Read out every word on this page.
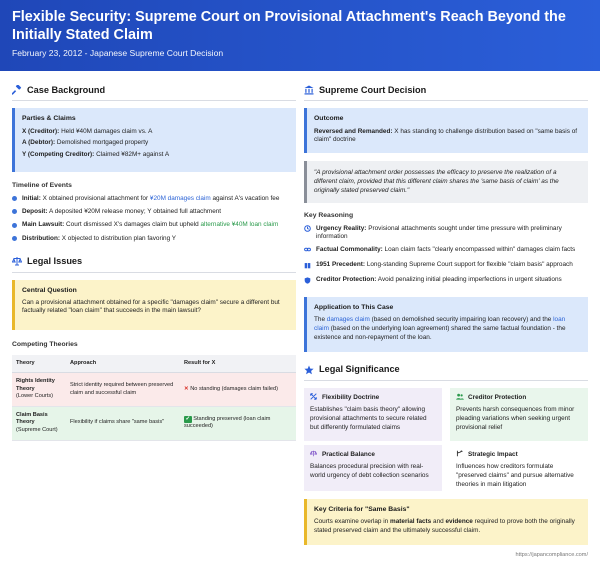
Flexible Security: Supreme Court on Provisional Attachment's Reach Beyond the Initially Stated Claim
February 23, 2012 - Japanese Supreme Court Decision
Case Background
Parties & Claims
X (Creditor): Held ¥40M damages claim vs. A
A (Debtor): Demolished mortgaged property
Y (Competing Creditor): Claimed ¥82M+ against A
Timeline of Events
Initial: X obtained provisional attachment for ¥20M damages claim against A's vacation fee
Deposit: A deposited ¥20M release money; Y obtained full attachment
Main Lawsuit: Court dismissed X's damages claim but upheld alternative ¥40M loan claim
Distribution: X objected to distribution plan favoring Y
Legal Issues
Central Question
Can a provisional attachment obtained for a specific "damages claim" secure a different but factually related "loan claim" that succeeds in the main lawsuit?
Competing Theories
Theory	Approach	Result for X
Rights Identity Theory
(Lower Courts)	Strict identity required between preserved claim and successful claim	✕ No standing (damages claim failed)
Claim Basis Theory
(Supreme Court)	Flexibility if claims share "same basis"	✓ Standing preserved (loan claim succeeded)
Supreme Court Decision
Outcome
Reversed and Remanded: X has standing to challenge distribution based on "same basis of claim" doctrine
"A provisional attachment order possesses the efficacy to preserve the realization of a different claim, provided that this different claim shares the 'same basis of claim' as the originally stated preserved claim."
Key Reasoning
Urgency Reality: Provisional attachments sought under time pressure with preliminary information
Factual Commonality: Loan claim facts "clearly encompassed within" damages claim facts
1951 Precedent: Long-standing Supreme Court support for flexible "claim basis" approach
Creditor Protection: Avoid penalizing initial pleading imperfections in urgent situations
Application to This Case
The damages claim (based on demolished security impairing loan recovery) and the loan claim (based on the underlying loan agreement) shared the same factual foundation - the existence and non-repayment of the loan.
Legal Significance
Flexibility Doctrine
Establishes "claim basis theory" allowing provisional attachments to secure related but differently formulated claims
Creditor Protection
Prevents harsh consequences from minor pleading variations when seeking urgent provisional relief
Practical Balance
Balances procedural precision with real-world urgency of debt collection scenarios
Strategic Impact
Influences how creditors formulate "preserved claims" and pursue alternative theories in main litigation
Key Criteria for "Same Basis"
Courts examine overlap in material facts and evidence required to prove both the originally stated preserved claim and the ultimately successful claim.
https://japancompliance.com/
